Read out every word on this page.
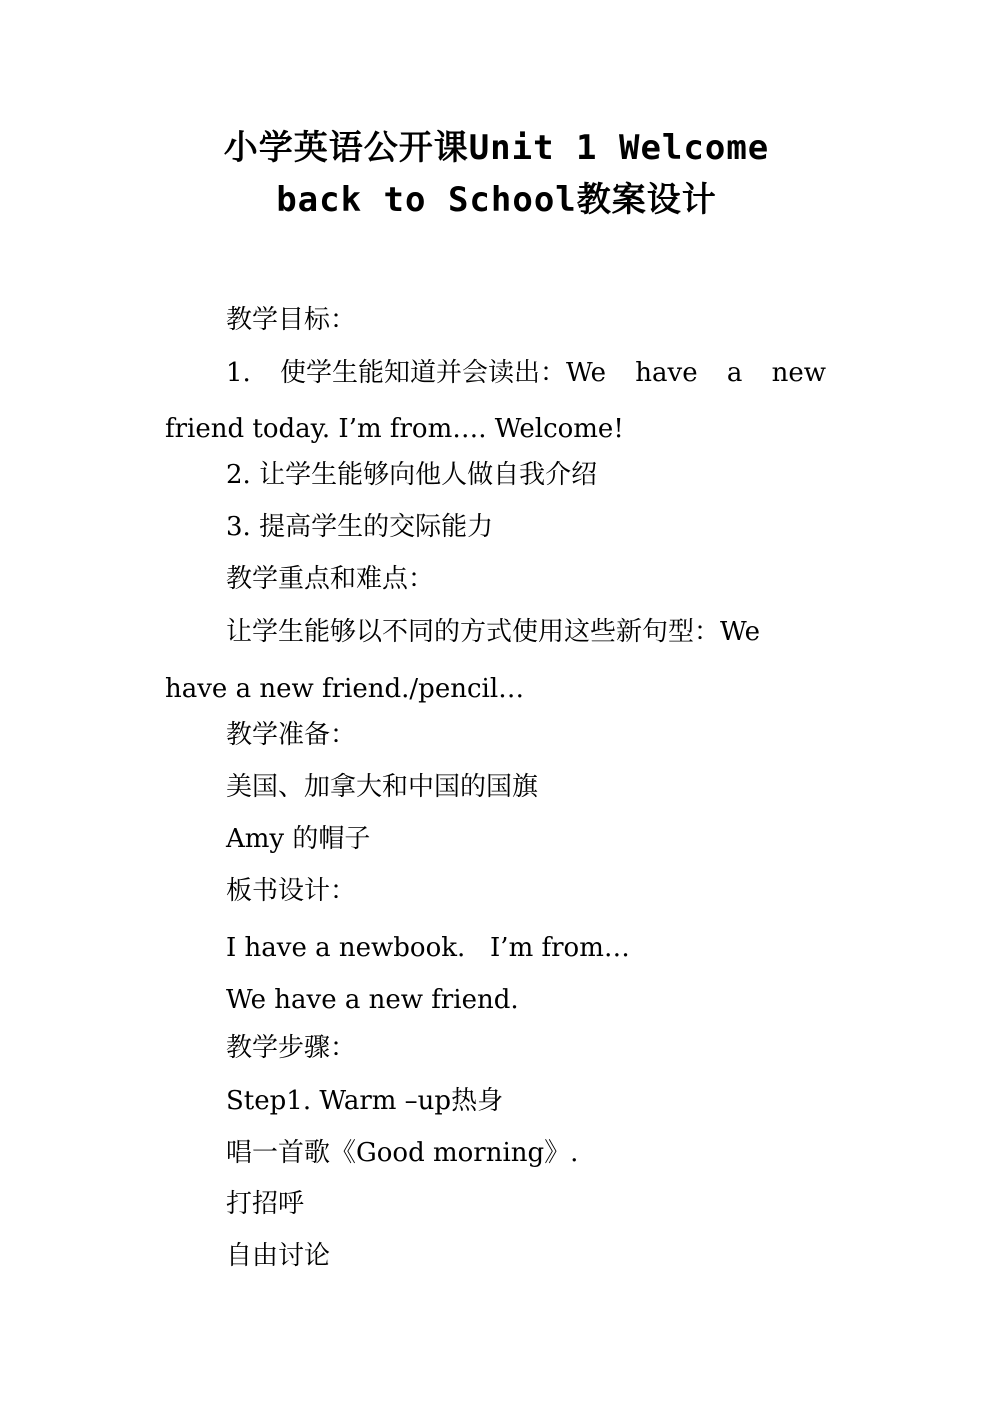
小学英语公开课Unit 1 Welcome
back to School教案设计
教学目标：
1. 使学生能知道并会读出：We have a new
friend today. I’m from…. Welcome!
2. 让学生能够向他人做自我介绍
3. 提高学生的交际能力
教学重点和难点：
让学生能够以不同的方式使用这些新句型：We
have a new friend./pencil…
教学准备：
美国、加拿大和中国的国旗
Amy 的帽子
板书设计：
I have a newbook.   I’m from…
We have a new friend.
教学步骤：
Step1. Warm –up热身
唱一首歌《Good morning》.
打招呼
自由讨论
